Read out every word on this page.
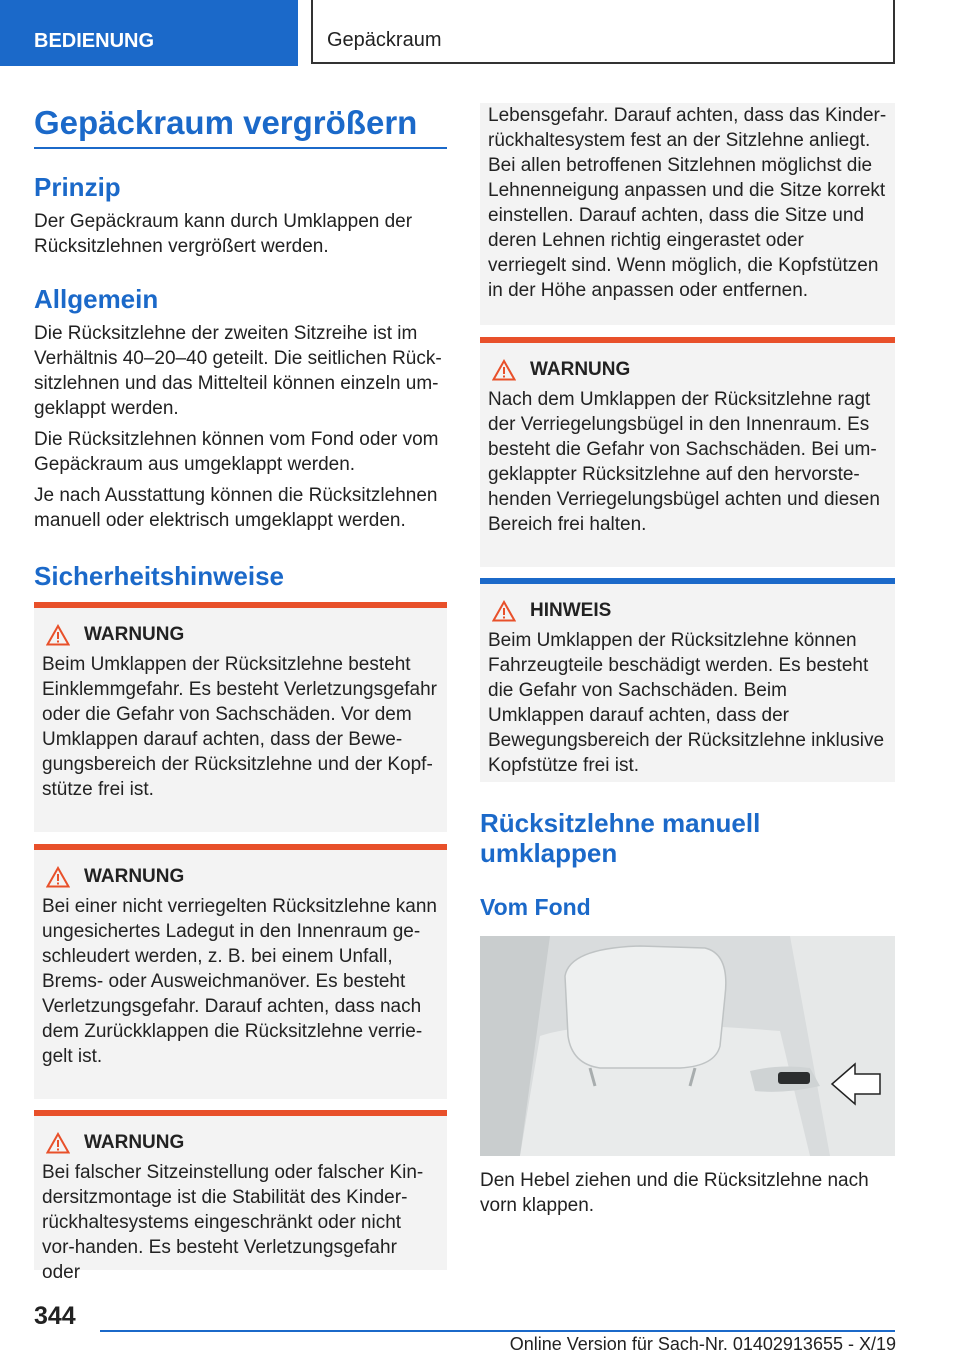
BEDIENUNG	Gepäckraum
Gepäckraum vergrößern
Prinzip

Der Gepäckraum kann durch Umklappen der Rücksitzlehnen vergrößert werden.

Allgemein

Die Rücksitzlehne der zweiten Sitzreihe ist im Verhältnis 40–20–40 geteilt. Die seitlichen Rück-sitzlehnen und das Mittelteil können einzeln um-geklappt werden.

Die Rücksitzlehnen können vom Fond oder vom Gepäckraum aus umgeklappt werden.

Je nach Ausstattung können die Rücksitzlehnen manuell oder elektrisch umgeklappt werden.

Sicherheitshinweise
WARNUNG

Beim Umklappen der Rücksitzlehne besteht Einklemmgefahr. Es besteht Verletzungsgefahr oder die Gefahr von Sachschäden. Vor dem Umklappen darauf achten, dass der Bewe-gungsbereich der Rücksitzlehne und der Kopf-stütze frei ist.

WARNUNG

Bei einer nicht verriegelten Rücksitzlehne kann ungesichertes Ladegut in den Innenraum ge-schleudert werden, z. B. bei einem Unfall, Brems- oder Ausweichmanöver. Es besteht Verletzungsgefahr. Darauf achten, dass nach dem Zurückklappen die Rücksitzlehne verrie-gelt ist.

WARNUNG

Bei falscher Sitzeinstellung oder falscher Kin-dersitzmontage ist die Stabilität des Kinder-rückhaltesystems eingeschränkt oder nicht vor-handen. Es besteht Verletzungsgefahr oder

Lebensgefahr. Darauf achten, dass das Kinder-rückhaltesystem fest an der Sitzlehne anliegt. Bei allen betroffenen Sitzlehnen möglichst die Lehnenneigung anpassen und die Sitze korrekt einstellen. Darauf achten, dass die Sitze und deren Lehnen richtig eingerastet oder verriegelt sind. Wenn möglich, die Kopfstützen in der Höhe anpassen oder entfernen.

WARNUNG

Nach dem Umklappen der Rücksitzlehne ragt der Verriegelungsbügel in den Innenraum. Es besteht die Gefahr von Sachschäden. Bei um-geklappter Rücksitzlehne auf den hervorste-henden Verriegelungsbügel achten und diesen Bereich frei halten.

HINWEIS

Beim Umklappen der Rücksitzlehne können Fahrzeugteile beschädigt werden. Es besteht die Gefahr von Sachschäden. Beim Umklappen darauf achten, dass der Bewegungsbereich der Rücksitzlehne inklusive Kopfstütze frei ist.

Rücksitzlehne manuell umklappen
Vom Fond

Den Hebel ziehen und die Rücksitzlehne nach vorn klappen.

344
Online Version für Sach-Nr. 01402913655 - X/19
